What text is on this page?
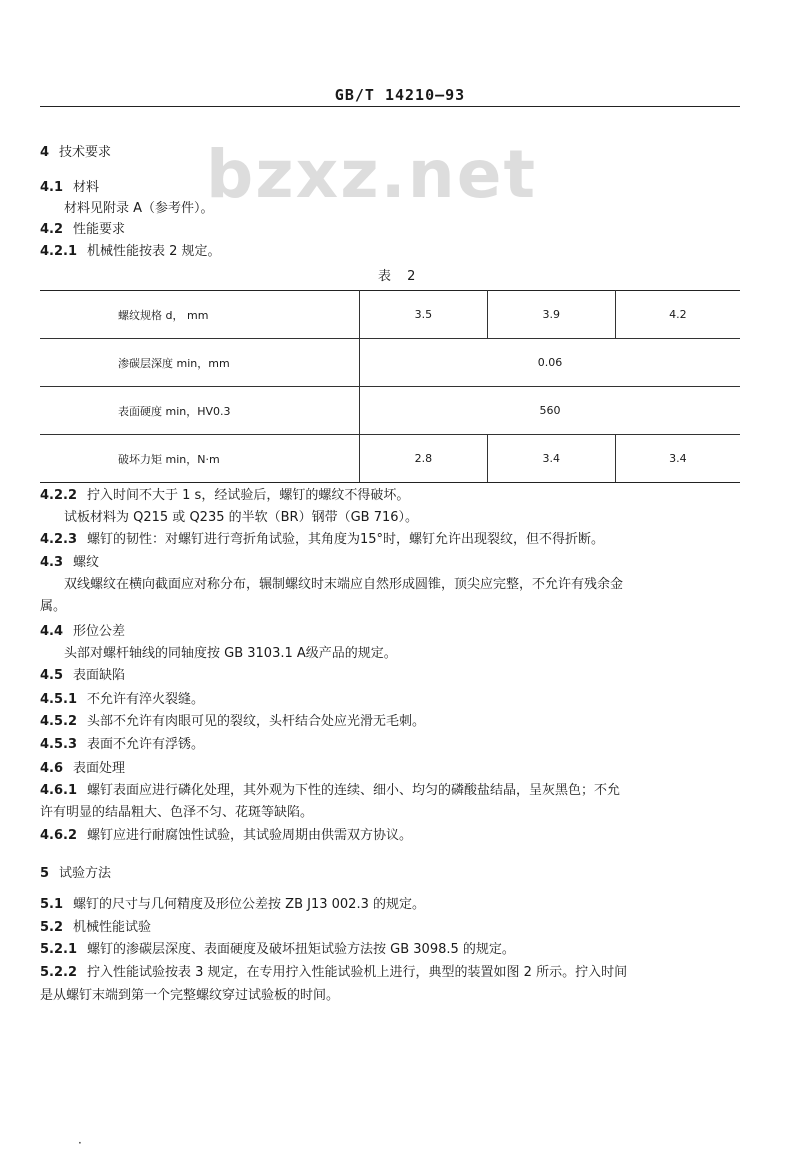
GB/T 14210—93
bzxz.net
4 技术要求
4.1 材料
材料见附录 A（参考件）。
4.2 性能要求
4.2.1 机械性能按表 2 规定。
表 2
螺纹规格 d， mm	3.5	3.9	4.2
渗碳层深度 min，mm	0.06		
表面硬度 min，HV0.3	560		
破坏力矩 min，N·m	2.8	3.4	3.4
4.2.2 拧入时间不大于 1 s，经试验后，螺钉的螺纹不得破坏。
试板材料为 Q215 或 Q235 的半软（BR）钢带（GB 716）。
4.2.3 螺钉的韧性：对螺钉进行弯折角试验，其角度为15°时，螺钉允许出现裂纹，但不得折断。
4.3 螺纹
双线螺纹在横向截面应对称分布，辗制螺纹时末端应自然形成圆锥，顶尖应完整，不允许有残余金
属。
4.4 形位公差
头部对螺杆轴线的同轴度按 GB 3103.1 A级产品的规定。
4.5 表面缺陷
4.5.1 不允许有淬火裂缝。
4.5.2 头部不允许有肉眼可见的裂纹，头杆结合处应光滑无毛刺。
4.5.3 表面不允许有浮锈。
4.6 表面处理
4.6.1 螺钉表面应进行磷化处理，其外观为下性的连续、细小、均匀的磷酸盐结晶，呈灰黑色；不允
许有明显的结晶粗大、色泽不匀、花斑等缺陷。
4.6.2 螺钉应进行耐腐蚀性试验，其试验周期由供需双方协议。
5 试验方法
5.1 螺钉的尺寸与几何精度及形位公差按 ZB J13 002.3 的规定。
5.2 机械性能试验
5.2.1 螺钉的渗碳层深度、表面硬度及破坏扭矩试验方法按 GB 3098.5 的规定。
5.2.2 拧入性能试验按表 3 规定，在专用拧入性能试验机上进行，典型的装置如图 2 所示。拧入时间
是从螺钉末端到第一个完整螺纹穿过试验板的时间。
·
